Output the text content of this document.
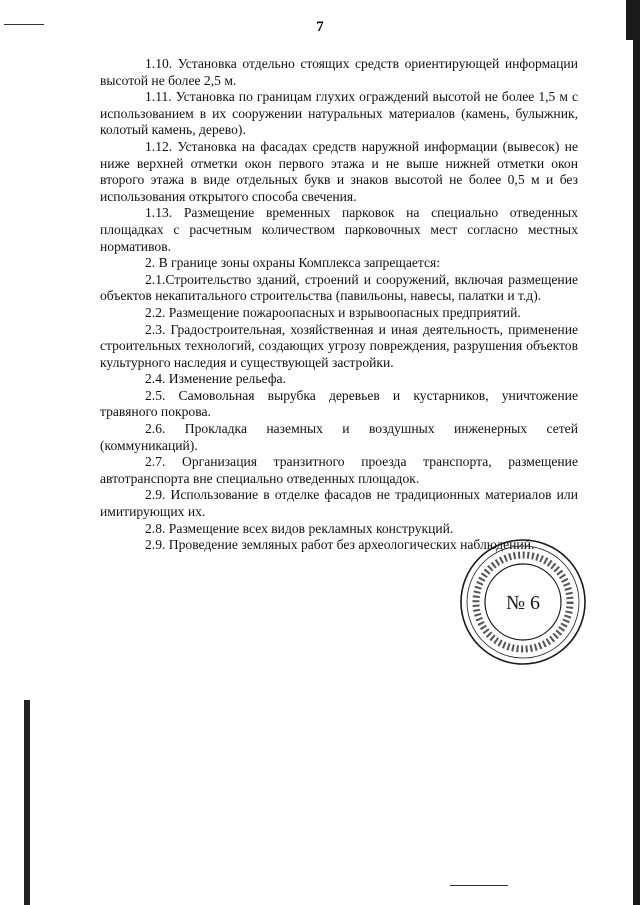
7

1.10. Установка отдельно стоящих средств ориентирующей информации высотой не более 2,5 м.

1.11. Установка по границам глухих ограждений высотой не более 1,5 м с использованием в их сооружении натуральных материалов (камень, булыжник, колотый камень, дерево).

1.12. Установка на фасадах средств наружной информации (вывесок) не ниже верхней отметки окон первого этажа и не выше нижней отметки окон второго этажа в виде отдельных букв и знаков высотой не более 0,5 м и без использования открытого способа свечения.

1.13. Размещение временных парковок на специально отведенных площадках с расчетным количеством парковочных мест согласно местных нормативов.

2. В границе зоны охраны Комплекса запрещается:

2.1.Строительство зданий, строений и сооружений, включая размещение объектов некапитального строительства (павильоны, навесы, палатки и т.д).

2.2. Размещение пожароопасных и взрывоопасных предприятий.

2.3. Градостроительная, хозяйственная и иная деятельность, применение строительных технологий, создающих угрозу повреждения, разрушения объектов культурного наследия и существующей застройки.

2.4. Изменение рельефа.

2.5. Самовольная вырубка деревьев и кустарников, уничтожение травяного покрова.

2.6. Прокладка наземных и воздушных инженерных сетей (коммуникаций).

2.7. Организация транзитного проезда транспорта, размещение автотранспорта вне специально отведенных площадок.

2.9. Использование в отделке фасадов не традиционных материалов или имитирующих их.

2.8. Размещение всех видов рекламных конструкций.

2.9. Проведение земляных работ без археологических наблюдений.

№ 6
